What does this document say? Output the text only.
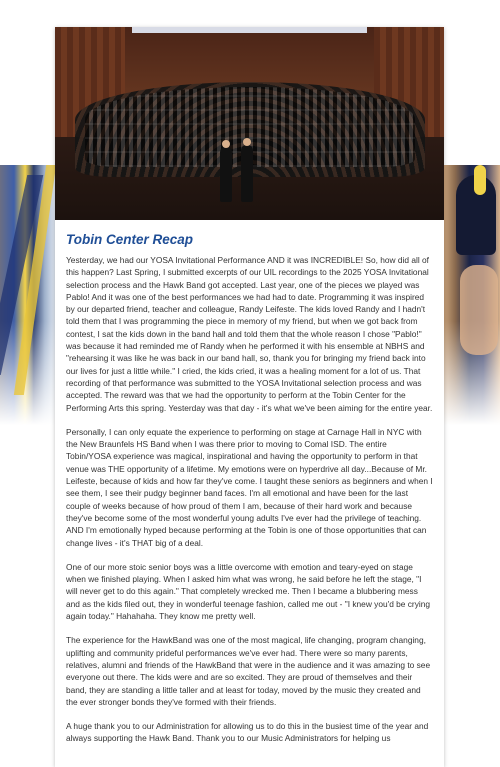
Tobin Center Recap

Yesterday, we had our YOSA Invitational Performance AND it was INCREDIBLE! So, how did all of this happen? Last Spring, I submitted excerpts of our UIL recordings to the 2025 YOSA Invitational selection process and the Hawk Band got accepted. Last year, one of the pieces we played was Pablo! And it was one of the best performances we had had to date. Programming it was inspired by our departed friend, teacher and colleague, Randy Leifeste. The kids loved Randy and I hadn't told them that I was programming the piece in memory of my friend, but when we got back from contest, I sat the kids down in the band hall and told them that the whole reason I chose "Pablo!" was because it had reminded me of Randy when he performed it with his ensemble at NBHS and "rehearsing it was like he was back in our band hall, so, thank you for bringing my friend back into our lives for just a little while." I cried, the kids cried, it was a healing moment for a lot of us. That recording of that performance was submitted to the YOSA Invitational selection process and was accepted. The reward was that we had the opportunity to perform at the Tobin Center for the Performing Arts this spring. Yesterday was that day - it's what we've been aiming for the entire year.

Personally, I can only equate the experience to performing on stage at Carnage Hall in NYC with the New Braunfels HS Band when I was there prior to moving to Comal ISD. The entire Tobin/YOSA experience was magical, inspirational and having the opportunity to perform in that venue was THE opportunity of a lifetime. My emotions were on hyperdrive all day...Because of Mr. Leifeste, because of kids and how far they've come. I taught these seniors as beginners and when I see them, I see their pudgy beginner band faces. I'm all emotional and have been for the last couple of weeks because of how proud of them I am, because of their hard work and because they've become some of the most wonderful young adults I've ever had the privilege of teaching. AND I'm emotionally hyped because performing at the Tobin is one of those opportunities that can change lives - it's THAT big of a deal.

One of our more stoic senior boys was a little overcome with emotion and teary-eyed on stage when we finished playing. When I asked him what was wrong, he said before he left the stage, "I will never get to do this again." That completely wrecked me. Then I became a blubbering mess and as the kids filed out, they in wonderful teenage fashion, called me out - "I knew you'd be crying again today." Hahahaha. They know me pretty well.

The experience for the HawkBand was one of the most magical, life changing, program changing, uplifting and community prideful performances we've ever had. There were so many parents, relatives, alumni and friends of the HawkBand that were in the audience and it was amazing to see everyone out there. The kids were and are so excited. They are proud of themselves and their band, they are standing a little taller and at least for today, moved by the music they created and the ever stronger bonds they've formed with their friends.

A huge thank you to our Administration for allowing us to do this in the busiest time of the year and always supporting the Hawk Band. Thank you to our Music Administrators for helping us
